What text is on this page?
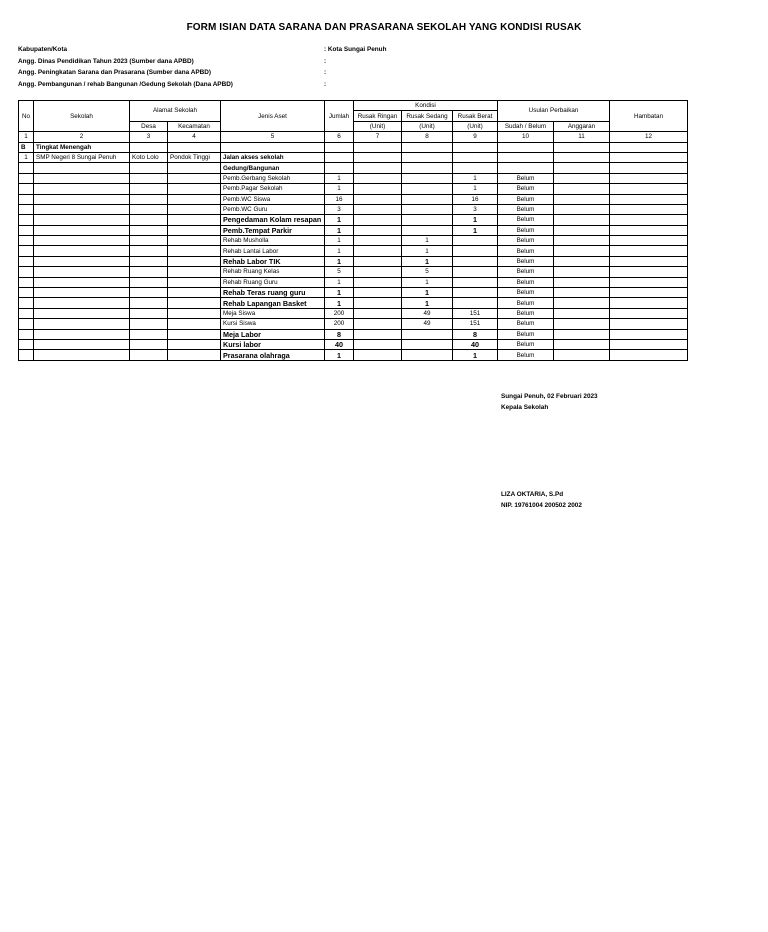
FORM ISIAN DATA SARANA DAN PRASARANA SEKOLAH YANG KONDISI RUSAK
Kabupaten/Kota	: Kota Sungai Penuh
Angg. Dinas Pendidikan Tahun 2023 (Sumber dana APBD)	:
Angg. Peningkatan Sarana dan Prasarana (Sumber dana APBD)	:
Angg. Pembangunan / rehab Bangunan /Gedung Sekolah (Dana APBD)	:
No	Sekolah	Alamat Sekolah		Jenis Aset	Jumlah	Kondisi			Usulan Perbaikan		Hambatan
						Rusak Ringan	Rusak Sedang	Rusak Berat			
		Desa	Kecamatan			(Unit)	(Unit)	(Unit)	Sudah / Belum	Anggaran	
1	2	3	4	5	6	7	8	9	10	11	12
B	Tingkat Menengah										
1	SMP Negeri 8 Sungai Penuh	Koto Lolo	Pondok Tinggi	Jalan akses sekolah							
				Gedung/Bangunan							
				Pemb.Gerbang Sekolah	1			1	Belum		
				Pemb.Pagar Sekolah	1			1	Belum		
				Pemb.WC Siswa	16			16	Belum		
				Pemb.WC Guru	3			3	Belum		
				Pengedaman Kolam resapan	1			1	Belum		
				Pemb.Tempat Parkir	1			1	Belum		
				Rehab Musholla	1		1		Belum		
				Rehab Lantai Labor	1		1		Belum		
				Rehab Labor TIK	1		1		Belum		
				Rehab Ruang Kelas	5		5		Belum		
				Rehab Ruang Guru	1		1		Belum		
				Rehab Teras ruang guru	1		1		Belum		
				Rehab Lapangan Basket	1		1		Belum		
				Meja Siswa	200		49	151	Belum		
				Kursi Siswa	200		49	151	Belum		
				Meja Labor	8			8	Belum		
				Kursi labor	40			40	Belum		
				Prasarana olahraga	1			1	Belum		
Sungai Penuh, 02 Februari 2023
Kepala Sekolah
LIZA OKTARIA, S.Pd
NIP. 19761004 200502 2002
